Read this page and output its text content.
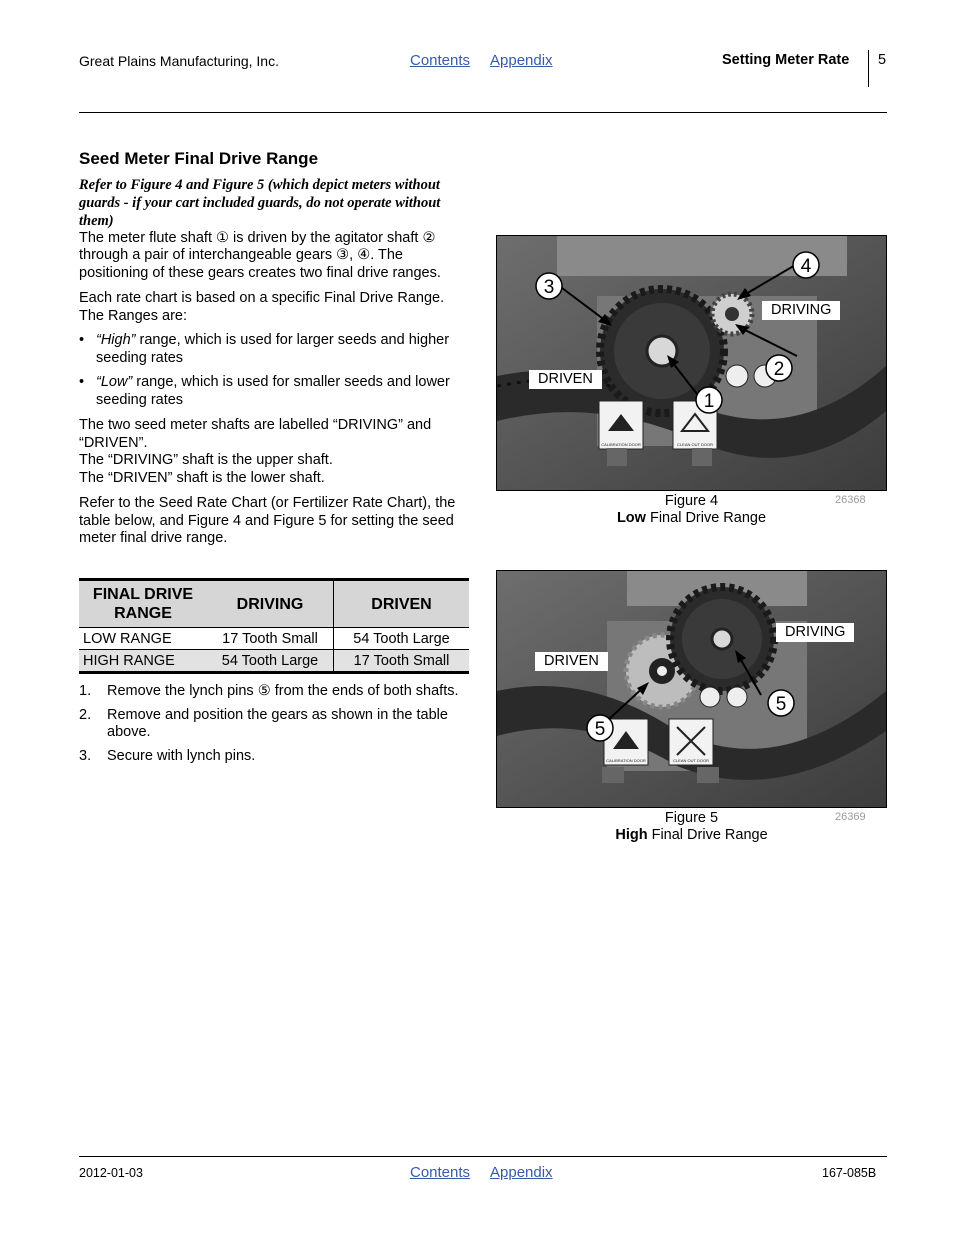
Great Plains Manufacturing, Inc.	Contents Appendix	Setting Meter Rate 5
Seed Meter Final Drive Range

Refer to Figure 4 and Figure 5 (which depict meters without guards - if your cart included guards, do not operate without them)

The meter flute shaft ① is driven by the agitator shaft ② through a pair of interchangeable gears ③, ④. The positioning of these gears creates two final drive ranges.

Each rate chart is based on a specific Final Drive Range. The Ranges are:

• “High” range, which is used for larger seeds and higher seeding rates
• “Low” range, which is used for smaller seeds and lower seeding rates

The two seed meter shafts are labelled “DRIVING” and “DRIVEN”.

The “DRIVING” shaft is the upper shaft.

The “DRIVEN” shaft is the lower shaft.

Refer to the Seed Rate Chart (or Fertilizer Rate Chart), the table below, and Figure 4 and Figure 5 for setting the seed meter final drive range.

FINAL DRIVE RANGE	DRIVING	DRIVEN
LOW RANGE	17 Tooth Small	54 Tooth Large
HIGH RANGE	54 Tooth Large	17 Tooth Small
1. Remove the lynch pins ⑤ from the ends of both shafts.
2. Remove and position the gears as shown in the table above.
3. Secure with lynch pins.
3
4
2
1
CALIBRATION DOOR	CLEAN OUT DOOR
DRIVING
DRIVEN
Figure 4
Low Final Drive Range
26368
5
5
CALIBRATION DOOR	CLEAN OUT DOOR
DRIVING
DRIVEN
Figure 5
High Final Drive Range
26369
2012-01-03	Contents Appendix	167-085B
